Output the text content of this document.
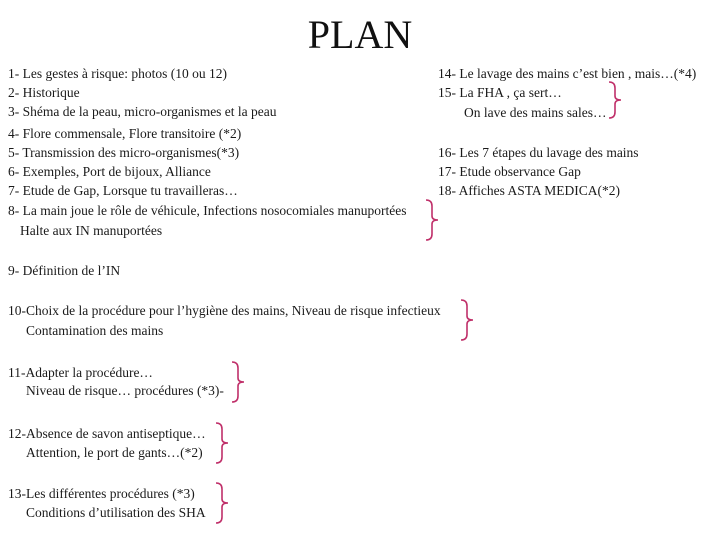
PLAN
1- Les gestes à risque: photos (10 ou 12)
2- Historique
3- Shéma de la peau, micro-organismes et la peau
4- Flore commensale, Flore transitoire (*2)
5- Transmission des micro-organismes(*3)
6- Exemples, Port de bijoux, Alliance
7- Etude de Gap, Lorsque tu travailleras…
8- La main joue le rôle de véhicule, Infections nosocomiales manuportées
Halte aux IN manuportées
9- Définition de l’IN
10-Choix de la procédure pour l’hygiène des mains, Niveau de risque infectieux
Contamination des mains
11-Adapter la procédure…
Niveau de risque… procédures (*3)-
12-Absence de savon antiseptique…
Attention, le port de gants…(*2)
13-Les différentes procédures (*3)
Conditions d’utilisation des SHA
14- Le lavage des mains c’est bien , mais…(*4)
15- La FHA , ça sert…
On lave des mains sales…
16- Les 7 étapes du lavage des mains
17- Etude observance Gap
18- Affiches ASTA MEDICA(*2)
